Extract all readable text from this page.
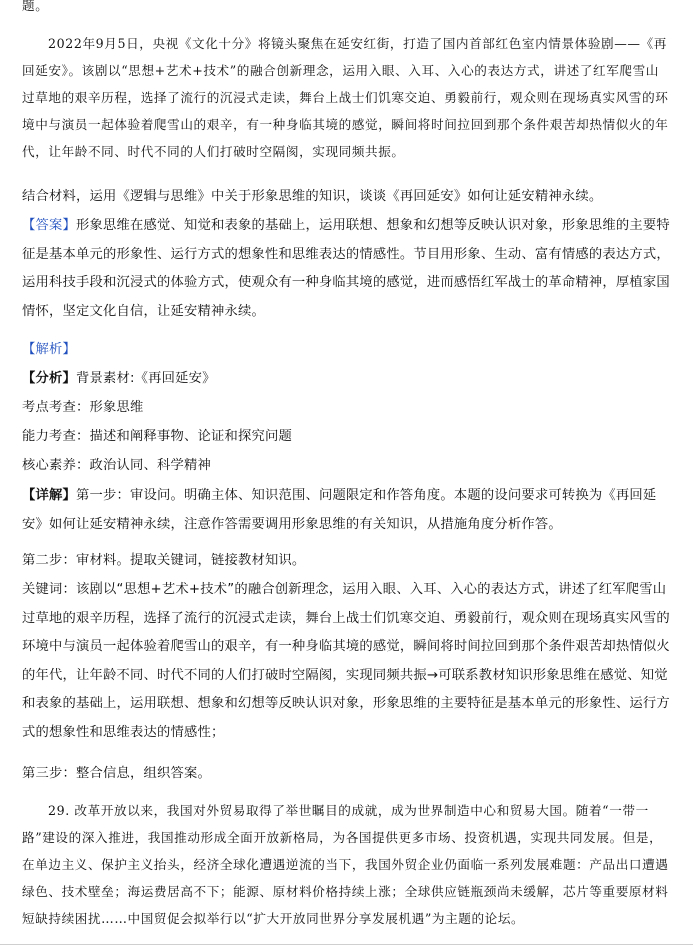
题。

2022年9月5日，央视《文化十分》将镜头聚焦在延安红街，打造了国内首部红色室内情景体验剧——《再回延安》。该剧以“思想+艺术+技术”的融合创新理念，运用入眼、入耳、入心的表达方式，讲述了红军爬雪山过草地的艰辛历程，选择了流行的沉浸式走读，舞台上战士们饥寒交迫、勇毅前行，观众则在现场真实风雪的环境中与演员一起体验着爬雪山的艰辛，有一种身临其境的感觉，瞬间将时间拉回到那个条件艰苦却热情似火的年代，让年龄不同、时代不同的人们打破时空隔阂，实现同频共振。

结合材料，运用《逻辑与思维》中关于形象思维的知识，谈谈《再回延安》如何让延安精神永续。

【答案】形象思维在感觉、知觉和表象的基础上，运用联想、想象和幻想等反映认识对象，形象思维的主要特征是基本单元的形象性、运行方式的想象性和思维表达的情感性。节目用形象、生动、富有情感的表达方式，运用科技手段和沉浸式的体验方式，使观众有一种身临其境的感觉，进而感悟红军战士的革命精神，厚植家国情怀，坚定文化自信，让延安精神永续。

【解析】

【分析】背景素材:《再回延安》

考点考查：形象思维

能力考查：描述和阐释事物、论证和探究问题

核心素养：政治认同、科学精神

【详解】第一步：审设问。明确主体、知识范围、问题限定和作答角度。本题的设问要求可转换为《再回延安》如何让延安精神永续，注意作答需要调用形象思维的有关知识，从措施角度分析作答。

第二步：审材料。提取关键词，链接教材知识。

关键词：该剧以“思想+艺术+技术”的融合创新理念，运用入眼、入耳、入心的表达方式，讲述了红军爬雪山过草地的艰辛历程，选择了流行的沉浸式走读，舞台上战士们饥寒交迫、勇毅前行，观众则在现场真实风雪的环境中与演员一起体验着爬雪山的艰辛，有一种身临其境的感觉，瞬间将时间拉回到那个条件艰苦却热情似火的年代，让年龄不同、时代不同的人们打破时空隔阂，实现同频共振→可联系教材知识形象思维在感觉、知觉和表象的基础上，运用联想、想象和幻想等反映认识对象，形象思维的主要特征是基本单元的形象性、运行方式的想象性和思维表达的情感性；

第三步：整合信息，组织答案。

29. 改革开放以来，我国对外贸易取得了举世瞩目的成就，成为世界制造中心和贸易大国。随着“一带一路”建设的深入推进，我国推动形成全面开放新格局，为各国提供更多市场、投资机遇，实现共同发展。但是，在单边主义、保护主义抬头，经济全球化遭遇逆流的当下，我国外贸企业仍面临一系列发展难题：产品出口遭遇绿色、技术壁垒；海运费居高不下；能源、原材料价格持续上涨；全球供应链瓶颈尚未缓解，芯片等重要原材料短缺持续困扰……中国贸促会拟举行以“扩大开放同世界分享发展机遇”为主题的论坛。
